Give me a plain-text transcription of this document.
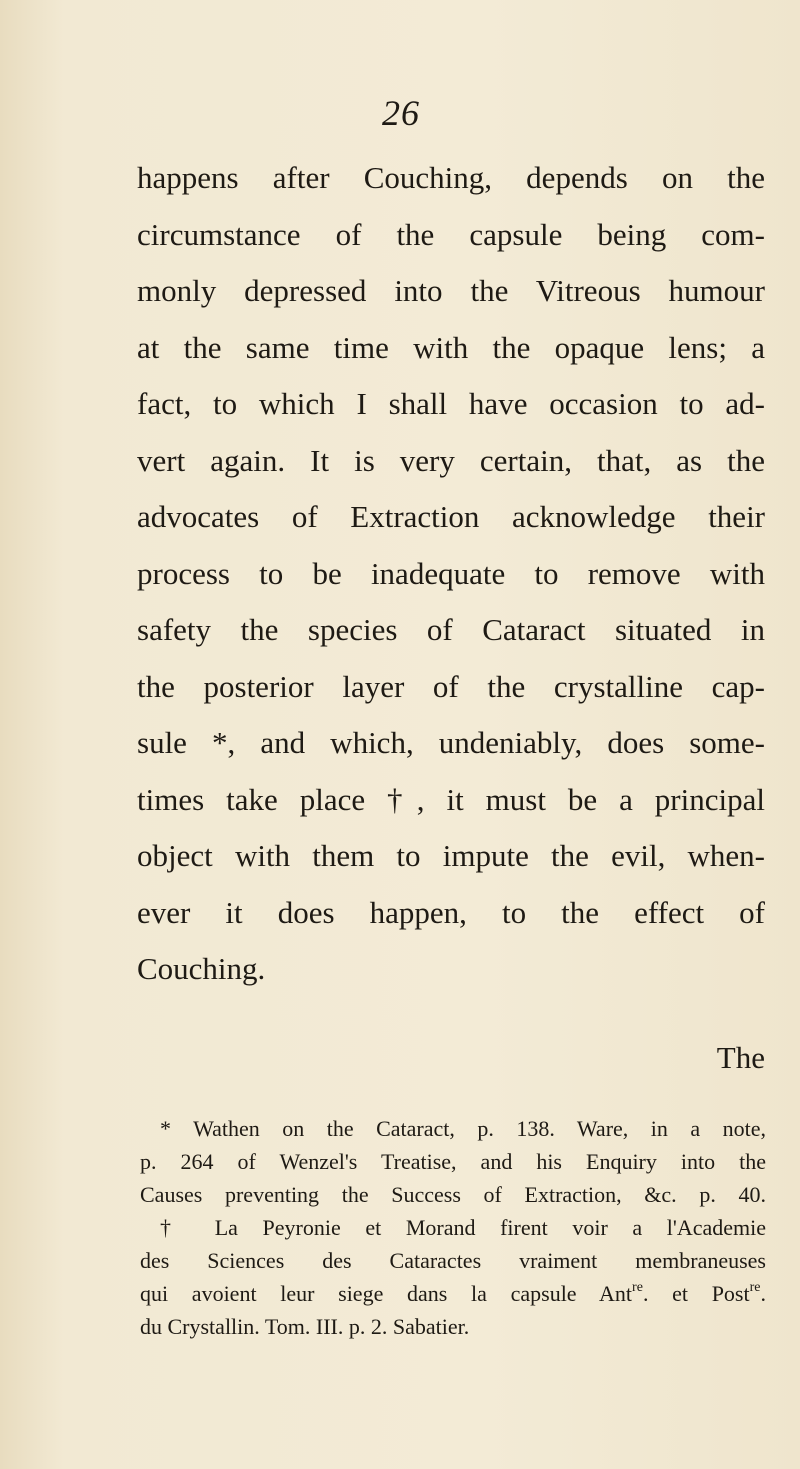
26
happens after Couching, depends on the
circumstance of the capsule being com-
monly depressed into the Vitreous humour
at the same time with the opaque lens; a
fact, to which I shall have occasion to ad-
vert again. It is very certain, that, as the
advocates of Extraction acknowledge their
process to be inadequate to remove with
safety the species of Cataract situated in
the posterior layer of the crystalline cap-
sule *, and which, undeniably, does some-
times take place †, it must be a principal
object with them to impute the evil, when-
ever it does happen, to the effect of
Couching.
The
* Wathen on the Cataract, p. 138. Ware, in a note,
p. 264 of Wenzel's Treatise, and his Enquiry into the
Causes preventing the Success of Extraction, &c. p. 40.
† La Peyronie et Morand firent voir a l'Academie
des Sciences des Cataractes vraiment membraneuses
qui avoient leur siege dans la capsule Ant$^{re}$. et Post$^{re}$.
du Crystallin. Tom. III. p. 2. Sabatier.
